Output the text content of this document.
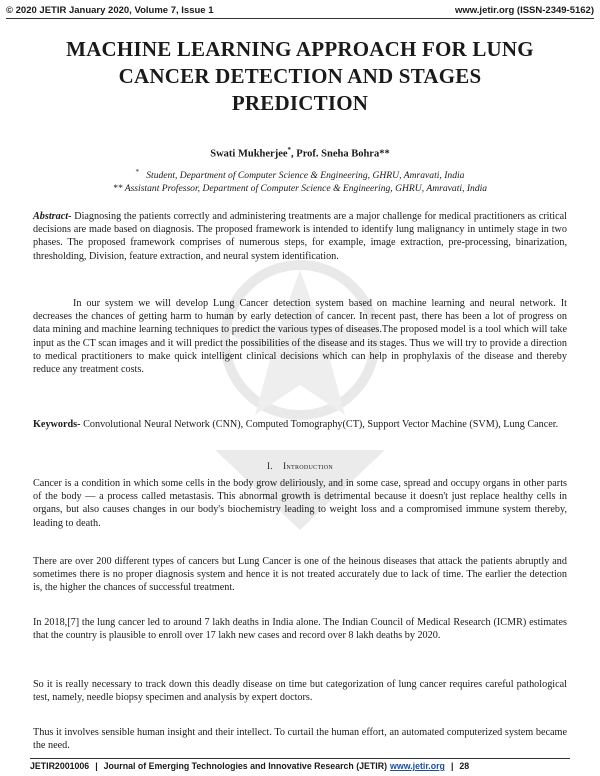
© 2020 JETIR January 2020, Volume 7, Issue 1	www.jetir.org (ISSN-2349-5162)
MACHINE LEARNING APPROACH FOR LUNG
CANCER DETECTION AND STAGES
PREDICTION
Swati Mukherjee*, Prof. Sneha Bohra**
* Student, Department of Computer Science & Engineering, GHRU, Amravati, India
** Assistant Professor, Department of Computer Science & Engineering, GHRU, Amravati, India

Abstract- Diagnosing the patients correctly and administering treatments are a major challenge for medical practitioners as critical decisions are made based on diagnosis. The proposed framework is intended to identify lung malignancy in untimely stage in two phases. The proposed framework comprises of numerous steps, for example, image extraction, pre-processing, binarization, thresholding, Division, feature extraction, and neural system identification.

In our system we will develop Lung Cancer detection system based on machine learning and neural network. It decreases the chances of getting harm to human by early detection of cancer. In recent past, there has been a lot of progress on data mining and machine learning techniques to predict the various types of diseases.The proposed model is a tool which will take input as the CT scan images and it will predict the possibilities of the disease and its stages. Thus we will try to provide a direction to medical practitioners to make quick intelligent clinical decisions which can help in prophylaxis of the disease and thereby reduce any treatment costs.

Keywords- Convolutional Neural Network (CNN), Computed Tomography(CT), Support Vector Machine (SVM), Lung Cancer.

I. Introduction

Cancer is a condition in which some cells in the body grow deliriously, and in some case, spread and occupy organs in other parts of the body — a process called metastasis. This abnormal growth is detrimental because it doesn't just replace healthy cells in organs, but also causes changes in our body's biochemistry leading to weight loss and a compromised immune system thereby, leading to death.

There are over 200 different types of cancers but Lung Cancer is one of the heinous diseases that attack the patients abruptly and sometimes there is no proper diagnosis system and hence it is not treated accurately due to lack of time. The earlier the detection is, the higher the chances of successful treatment.

In 2018,[7] the lung cancer led to around 7 lakh deaths in India alone. The Indian Council of Medical Research (ICMR) estimates that the country is plausible to enroll over 17 lakh new cases and record over 8 lakh deaths by 2020.

So it is really necessary to track down this deadly disease on time but categorization of lung cancer requires careful pathological test, namely, needle biopsy specimen and analysis by expert doctors.

Thus it involves sensible human insight and their intellect. To curtail the human effort, an automated computerized system became the need.

JETIR2001006 | Journal of Emerging Technologies and Innovative Research (JETIR) www.jetir.org | 28
